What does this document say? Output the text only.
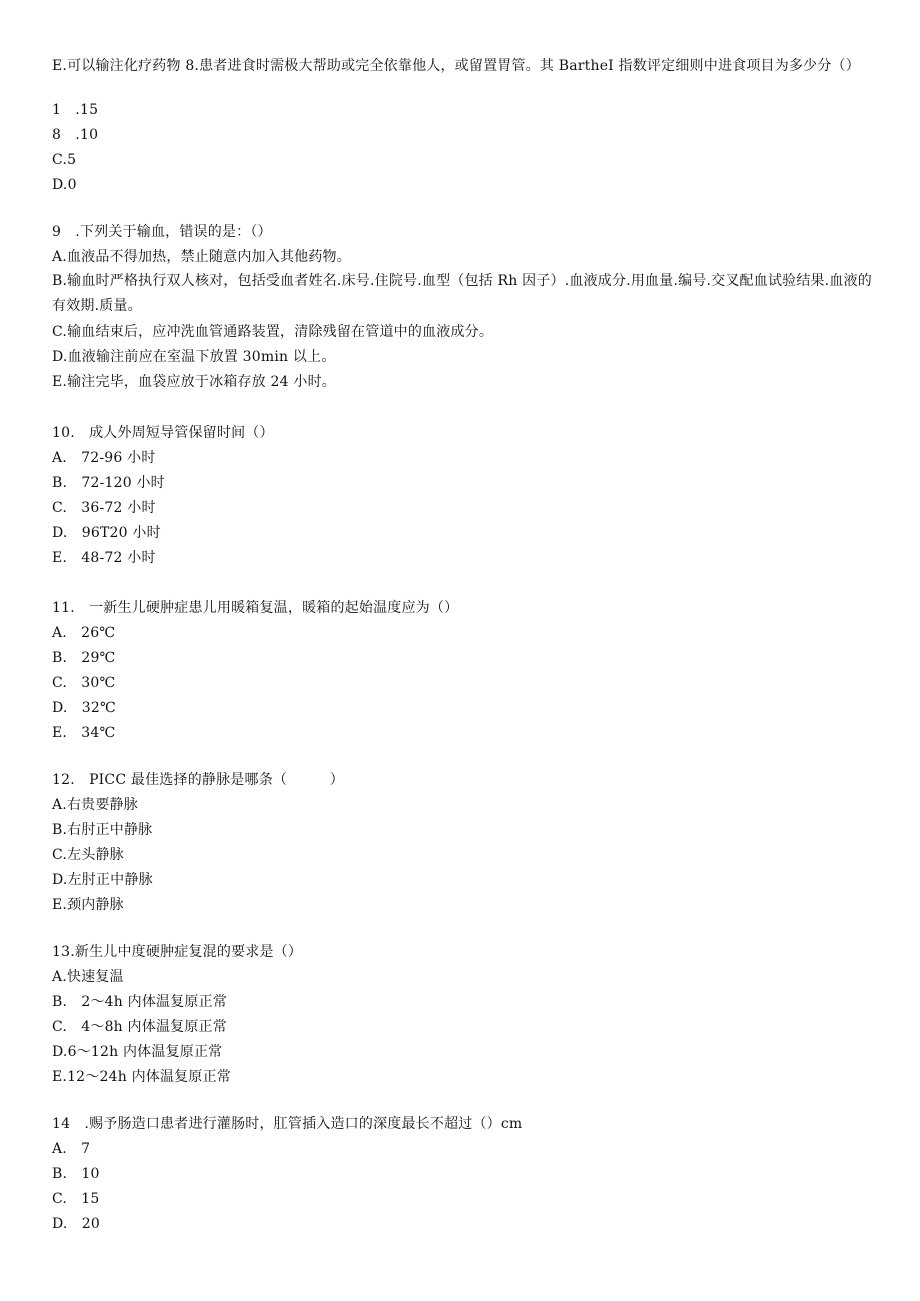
E.可以输注化疗药物 8.患者进食时需极大帮助或完全依靠他人，或留置胃管。其 BartheI 指数评定细则中进食项目为多少分（）
1　.15
8　.10
C.5
D.0
9　.下列关于输血，错误的是：（）
A.血液品不得加热，禁止随意内加入其他药物。
B.输血时严格执行双人核对，包括受血者姓名.床号.住院号.血型（包括 Rh 因子）.血液成分.用血量.编号.交叉配血试验结果.血液的有效期.质量。
C.输血结束后，应冲洗血管通路装置，清除残留在管道中的血液成分。
D.血液输注前应在室温下放置 30min 以上。
E.输注完毕，血袋应放于冰箱存放 24 小时。
10.　成人外周短导管保留时间（）
A.　72-96 小时
B.　72-120 小时
C.　36-72 小时
D.　96T20 小时
E.　48-72 小时
11.　一新生儿硬肿症患儿用暖箱复温，暖箱的起始温度应为（）
A.　26℃
B.　29℃
C.　30℃
D.　32℃
E.　34℃
12.　PICC 最佳选择的静脉是哪条（　　　）
A.右贵要静脉
B.右肘正中静脉
C.左头静脉
D.左肘正中静脉
E.颈内静脉
13.新生儿中度硬肿症复混的要求是（）
A.快速复温
B.　2～4h 内体温复原正常
C.　4～8h 内体温复原正常
D.6～12h 内体温复原正常
E.12～24h 内体温复原正常
14　.赐予肠造口患者进行灌肠时，肛管插入造口的深度最长不超过（）cm
A.　7
B.　10
C.　15
D.　20
